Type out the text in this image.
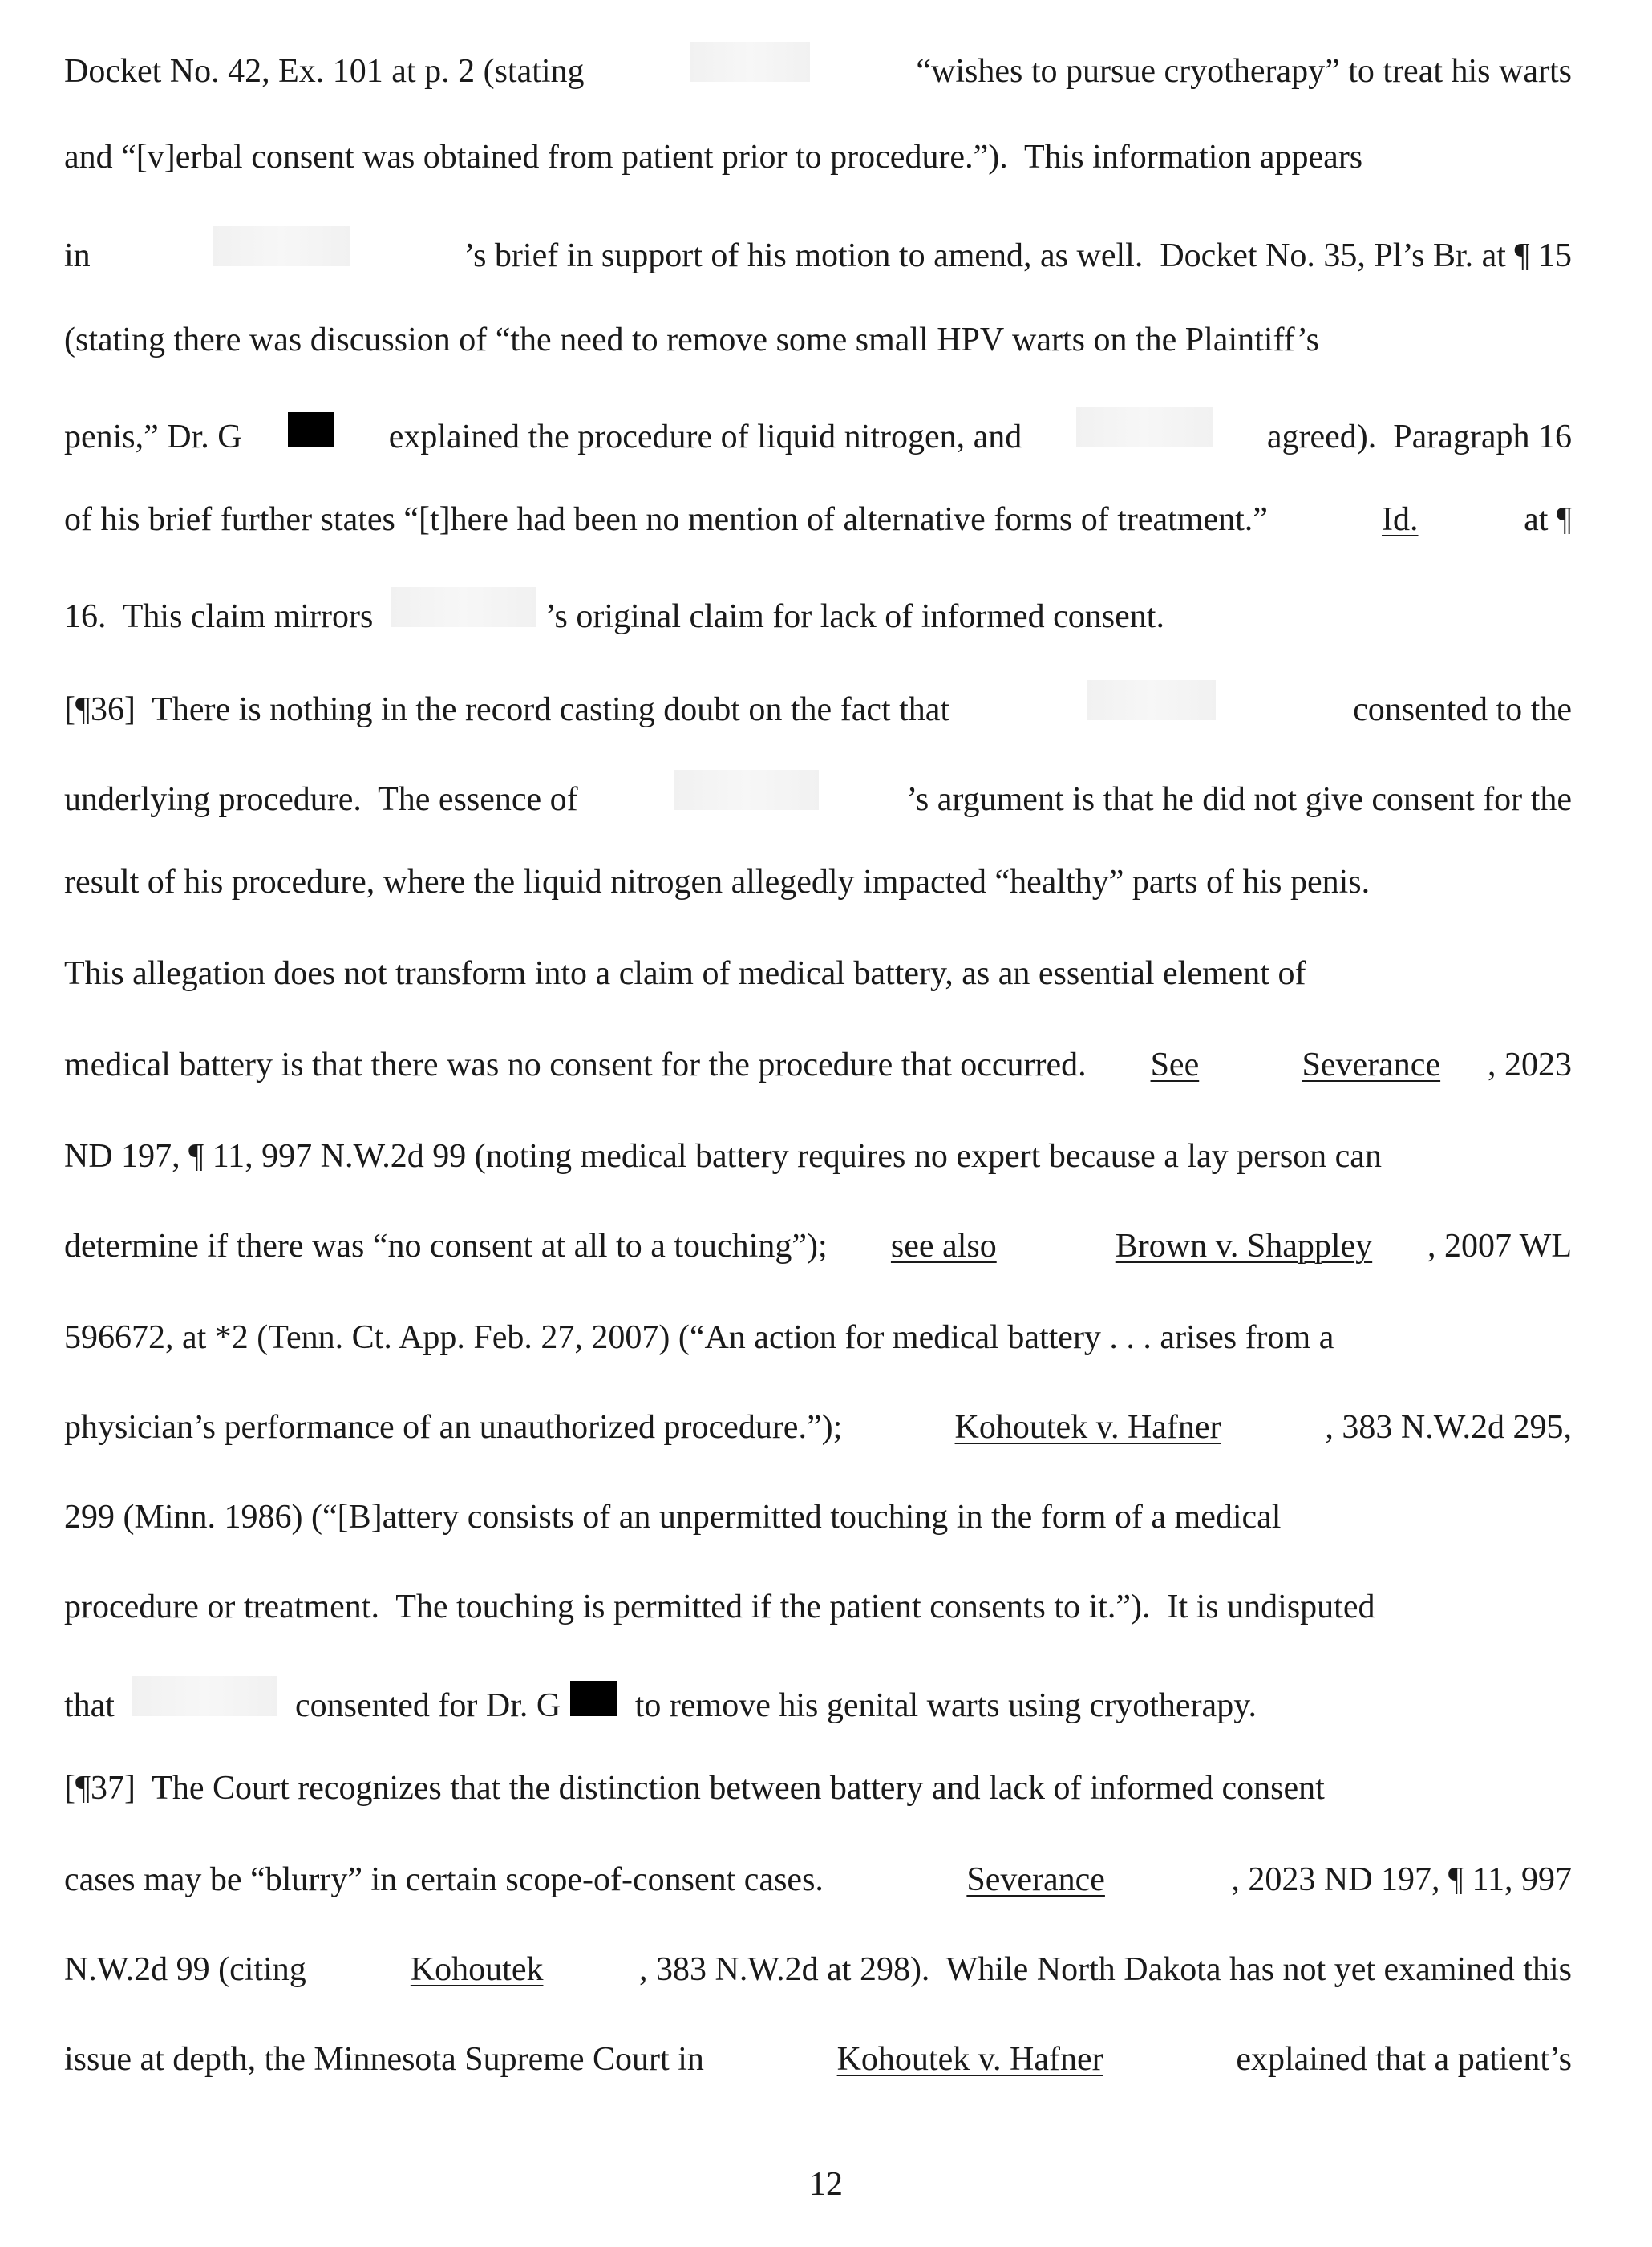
Docket No. 42, Ex. 101 at p. 2 (stating	“wishes to pursue cryotherapy” to treat his warts
and “[v]erbal consent was obtained from patient prior to procedure.”).  This information appears
in	’s brief in support of his motion to amend, as well.  Docket No. 35, Pl’s Br. at ¶ 15
(stating there was discussion of “the need to remove some small HPV warts on the Plaintiff’s
penis,” Dr. G	explained the procedure of liquid nitrogen, and	agreed).  Paragraph 16
of his brief further states “[t]here had been no mention of alternative forms of treatment.”	Id.	at ¶
16.  This claim mirrors	’s original claim for lack of informed consent.
[¶36]  There is nothing in the record casting doubt on the fact that	consented to the
underlying procedure.  The essence of	’s argument is that he did not give consent for the
result of his procedure, where the liquid nitrogen allegedly impacted “healthy” parts of his penis.
This allegation does not transform into a claim of medical battery, as an essential element of
medical battery is that there was no consent for the procedure that occurred. See
	Severance , 2023
ND 197, ¶ 11, 997 N.W.2d 99 (noting medical battery requires no expert because a lay person can
determine if there was “no consent at all to a touching”); see also
	Brown v. Shappley , 2007 WL
596672, at *2 (Tenn. Ct. App. Feb. 27, 2007) (“An action for medical battery . . . arises from a
physician’s performance of an unauthorized procedure.”);	Kohoutek v. Hafner	, 383 N.W.2d 295,
299 (Minn. 1986) (“[B]attery consists of an unpermitted touching in the form of a medical
procedure or treatment.  The touching is permitted if the patient consents to it.”).  It is undisputed
that	consented for Dr. G to remove his genital warts using cryotherapy.
[¶37]  The Court recognizes that the distinction between battery and lack of informed consent
cases may be “blurry” in certain scope-of-consent cases.	Severance	, 2023 ND 197, ¶ 11, 997
N.W.2d 99 (citing	Kohoutek	, 383 N.W.2d at 298).  While North Dakota has not yet examined this
issue at depth, the Minnesota Supreme Court in	Kohoutek v. Hafner	explained that a patient’s
12
